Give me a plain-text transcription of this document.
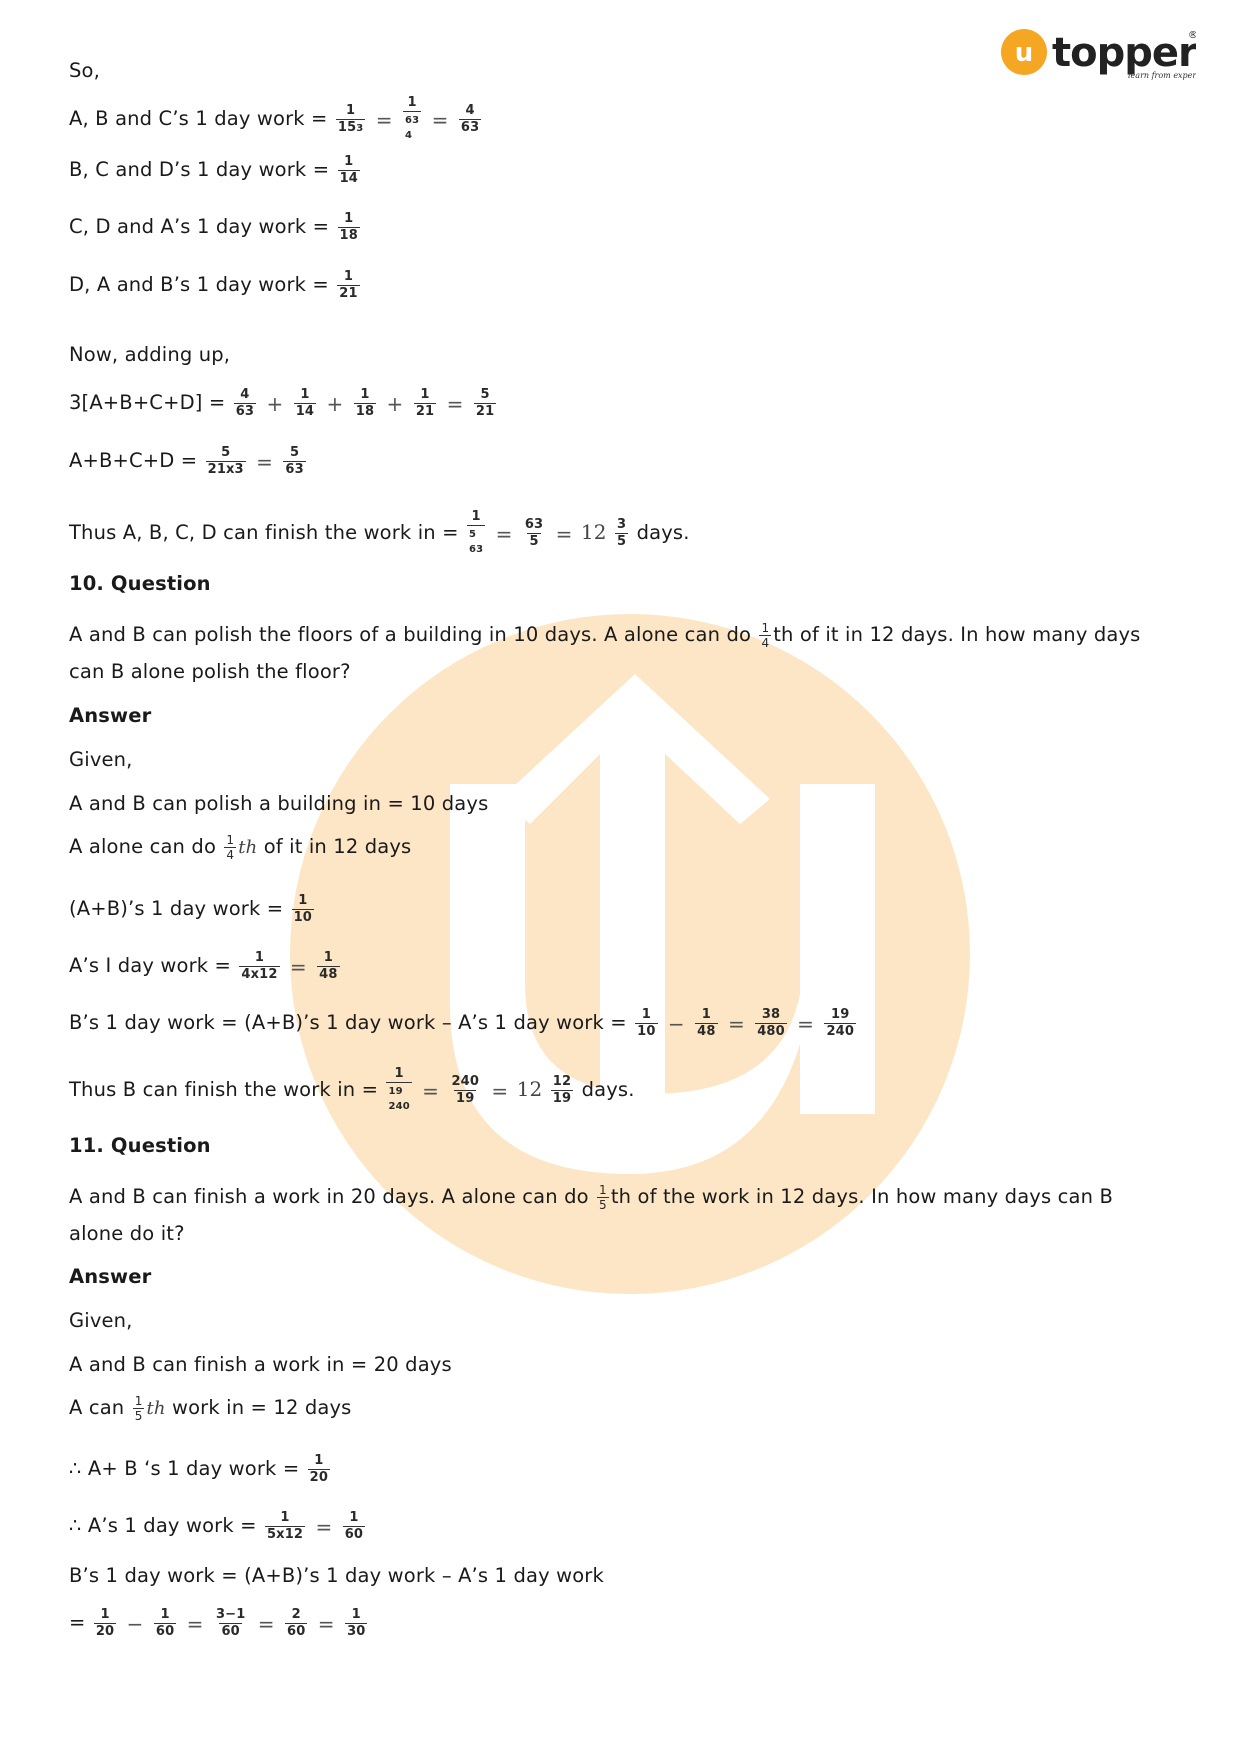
u topper
®
learn from exper
So,
A, B and C’s 1 day work = $\frac{1}{153}$ =
1
63
4
= $\frac{4}{63}$
B, C and D’s 1 day work = $\frac{1}{14}$
C, D and A’s 1 day work = $\frac{1}{18}$
D, A and B’s 1 day work = $\frac{1}{21}$
Now, adding up,
$3[A+B+C+D] = \frac{4}{63} + \frac{1}{14} + \frac{1}{18} + \frac{1}{21} = \frac{5}{21}$
$A+B+C+D = \frac{5}{21x3} = \frac{5}{63}$
Thus A, B, C, D can finish the work in =
1
5
63
= $\frac{63}{5} = 12 \frac{3}{5}$ days.
10. Question
A and B can polish the floors of a building in 10 days. A alone can do $\frac{1}{4}$ th of it in 12 days. In how many days can B alone polish the floor?
Answer
Given,
A and B can polish a building in = 10 days
A alone can do $\frac{1}{4}$ th of it in 12 days
(A+B)’s 1 day work = $\frac{1}{10}$
A’s I day work = $\frac{1}{4x12} = \frac{1}{48}$
B’s 1 day work = (A+B)’s 1 day work – A’s 1 day work = $\frac{1}{10} - \frac{1}{48} = \frac{38}{480} = \frac{19}{240}$
Thus B can finish the work in =
1
19
240
= $\frac{240}{19} = 12 \frac{12}{19}$ days.
11. Question
A and B can finish a work in 20 days. A alone can do $\frac{1}{5}$ th of the work in 12 days. In how many days can B alone do it?
Answer
Given,
A and B can finish a work in = 20 days
A can $\frac{1}{5}$ th work in = 12 days
∴ A+ B ‘s 1 day work = $\frac{1}{20}$
∴ A’s 1 day work = $\frac{1}{5x12} = \frac{1}{60}$
B’s 1 day work = (A+B)’s 1 day work – A’s 1 day work
= $\frac{1}{20} - \frac{1}{60} = \frac{3-1}{60} = \frac{2}{60} = \frac{1}{30}$
